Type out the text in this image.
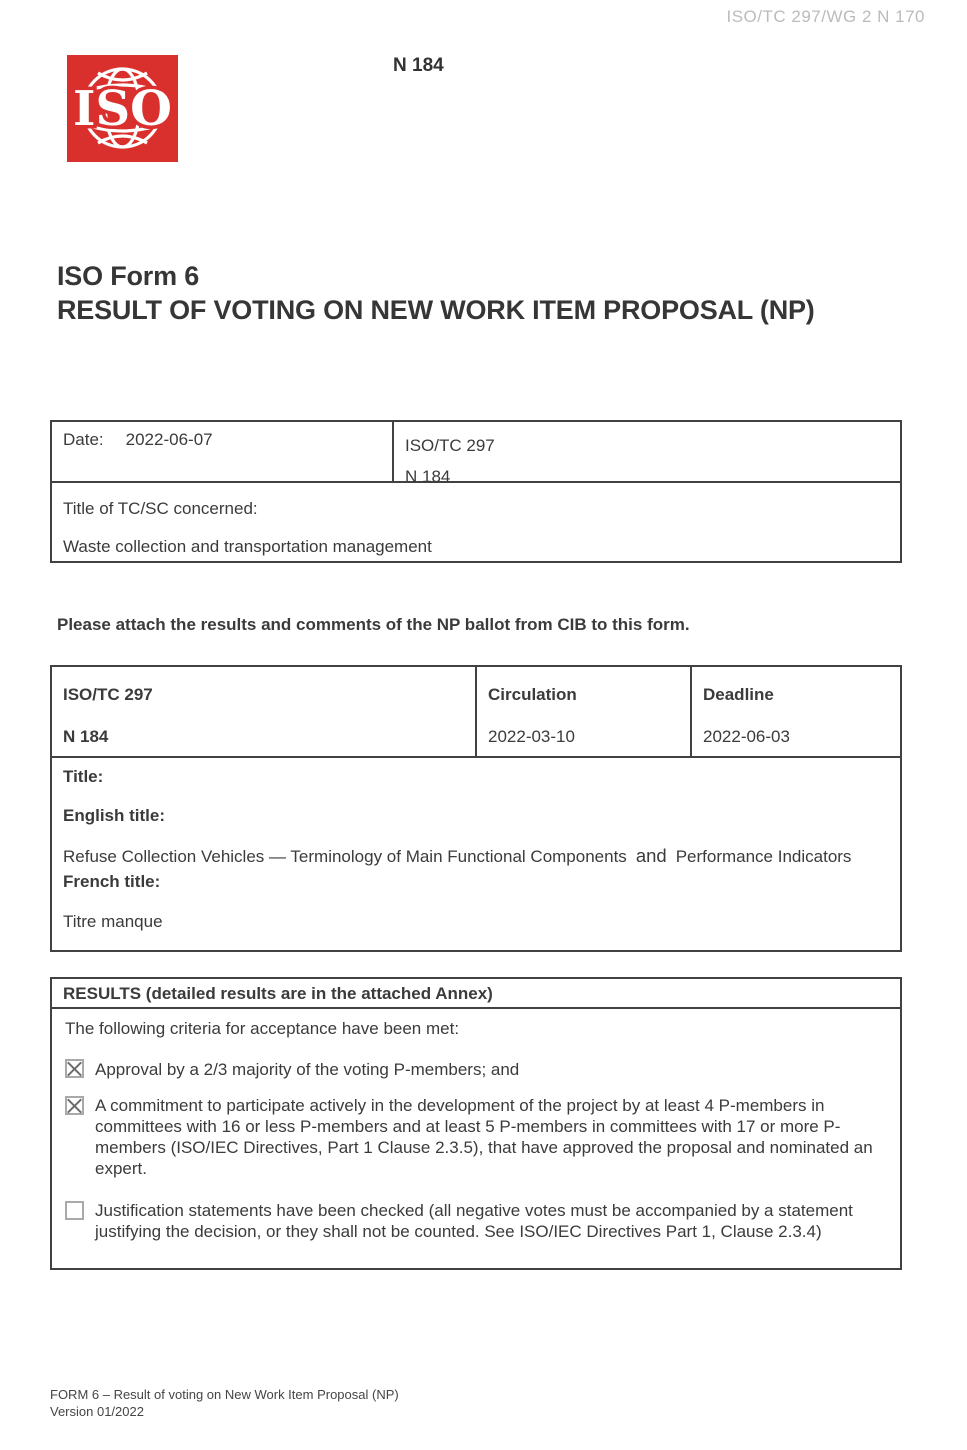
ISO/TC 297/WG 2 N 170
ISO
N 184
ISO Form 6
RESULT OF VOTING ON NEW WORK ITEM PROPOSAL (NP)
Date: 2022-06-07	ISO/TC 297
N 184
Title of TC/SC concerned:
Waste collection and transportation management
Please attach the results and comments of the NP ballot from CIB to this form.
ISO/TC 297
N 184
Circulation
2022-03-10
Deadline
2022-06-03
Title:
English title:
Refuse Collection Vehicles — Terminology of Main Functional Components and Performance Indicators
French title:
Titre manque
RESULTS (detailed results are in the attached Annex)
The following criteria for acceptance have been met:
Approval by a 2/3 majority of the voting P-members; and
A commitment to participate actively in the development of the project by at least 4 P-members in committees with 16 or less P-members and at least 5 P-members in committees with 17 or more P-members (ISO/IEC Directives, Part 1 Clause 2.3.5), that have approved the proposal and nominated an expert.
Justification statements have been checked (all negative votes must be accompanied by a statement justifying the decision, or they shall not be counted. See ISO/IEC Directives Part 1, Clause 2.3.4)
FORM 6 – Result of voting on New Work Item Proposal (NP)
Version 01/2022
